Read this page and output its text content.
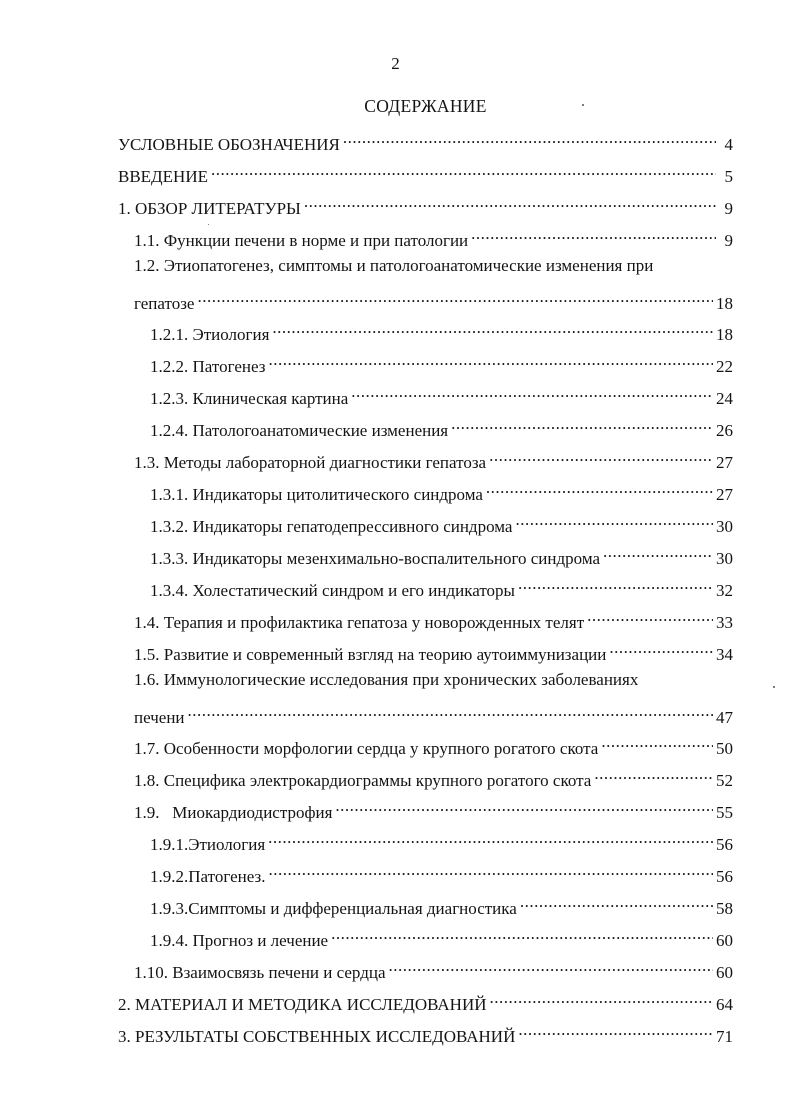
2
СОДЕРЖАНИЕ
УСЛОВНЫЕ ОБОЗНАЧЕНИЯ .....	4
ВВЕДЕНИЕ .....	5
1. ОБЗОР ЛИТЕРАТУРЫ .....	9
1.1. Функции печени в норме и при патологии .....	9
1.2. Этиопатогенез, симптомы и патологоанатомические изменения при
гепатозе .....	18
1.2.1. Этиология .....	18
1.2.2. Патогенез .....	22
1.2.3. Клиническая картина .....	24
1.2.4. Патологоанатомические изменения .....	26
1.3. Методы лабораторной диагностики гепатоза .....	27
1.3.1. Индикаторы цитолитического синдрома .....	27
1.3.2. Индикаторы гепатодепрессивного синдрома .....	30
1.3.3. Индикаторы мезенхимально-воспалительного синдрома .....	30
1.3.4. Холестатический синдром и его индикаторы .....	32
1.4. Терапия и профилактика гепатоза у новорожденных телят .....	33
1.5. Развитие и современный взгляд на теорию аутоиммунизации .....	34
1.6. Иммунологические исследования при хронических заболеваниях
печени .....	47
1.7. Особенности морфологии сердца у крупного рогатого скота .....	50
1.8. Специфика электрокардиограммы крупного рогатого скота .....	52
1.9.   Миокардиодистрофия .....	55
1.9.1.Этиология .....	56
1.9.2.Патогенез. .....	56
1.9.3.Симптомы и дифференциальная диагностика .....	58
1.9.4. Прогноз и лечение .....	60
1.10. Взаимосвязь печени и сердца .....	60
2. МАТЕРИАЛ И МЕТОДИКА ИССЛЕДОВАНИЙ .....	64
3. РЕЗУЛЬТАТЫ СОБСТВЕННЫХ ИССЛЕДОВАНИЙ .....	71
